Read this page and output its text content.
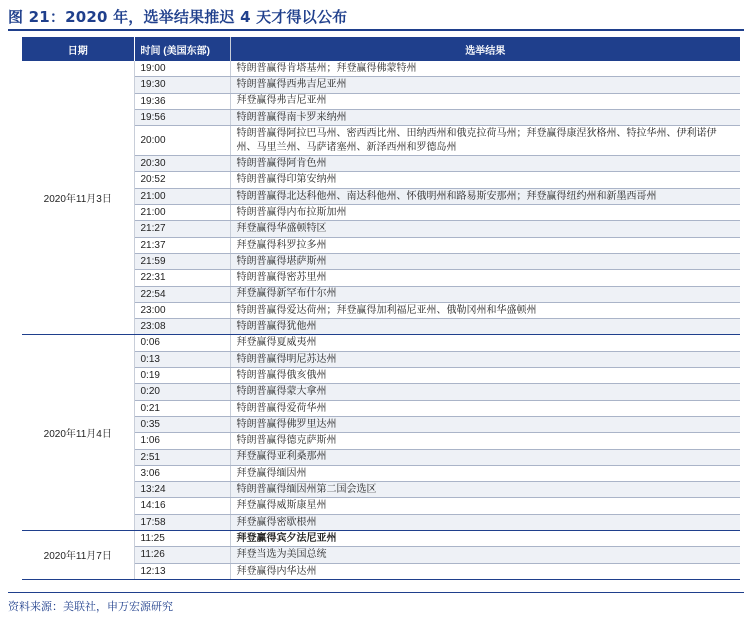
图 21：2020 年，选举结果推迟 4 天才得以公布
日期	时间 (美国东部)	选举结果
2020年11月3日	19:00	特朗普赢得肯塔基州；拜登赢得佛蒙特州
	19:30	特朗普赢得西弗吉尼亚州
	19:36	拜登赢得弗吉尼亚州
	19:56	特朗普赢得南卡罗来纳州
	20:00	特朗普赢得阿拉巴马州、密西西比州、田纳西州和俄克拉荷马州；拜登赢得康涅狄格州、特拉华州、伊利诺伊州、马里兰州、马萨诸塞州、新泽西州和罗德岛州
	20:30	特朗普赢得阿肯色州
	20:52	特朗普赢得印第安纳州
	21:00	特朗普赢得北达科他州、南达科他州、怀俄明州和路易斯安那州；拜登赢得纽约州和新墨西哥州
	21:00	特朗普赢得内布拉斯加州
	21:27	拜登赢得华盛顿特区
	21:37	拜登赢得科罗拉多州
	21:59	特朗普赢得堪萨斯州
	22:31	特朗普赢得密苏里州
	22:54	拜登赢得新罕布什尔州
	23:00	特朗普赢得爱达荷州；拜登赢得加利福尼亚州、俄勒冈州和华盛顿州
	23:08	特朗普赢得犹他州
2020年11月4日	0:06	拜登赢得夏威夷州
	0:13	特朗普赢得明尼苏达州
	0:19	特朗普赢得俄亥俄州
	0:20	特朗普赢得蒙大拿州
	0:21	特朗普赢得爱荷华州
	0:35	特朗普赢得佛罗里达州
	1:06	特朗普赢得德克萨斯州
	2:51	拜登赢得亚利桑那州
	3:06	拜登赢得缅因州
	13:24	特朗普赢得缅因州第二国会选区
	14:16	拜登赢得威斯康星州
	17:58	拜登赢得密歇根州
2020年11月7日	11:25	拜登赢得宾夕法尼亚州
	11:26	拜登当选为美国总统
	12:13	拜登赢得内华达州
资料来源：美联社，申万宏源研究
